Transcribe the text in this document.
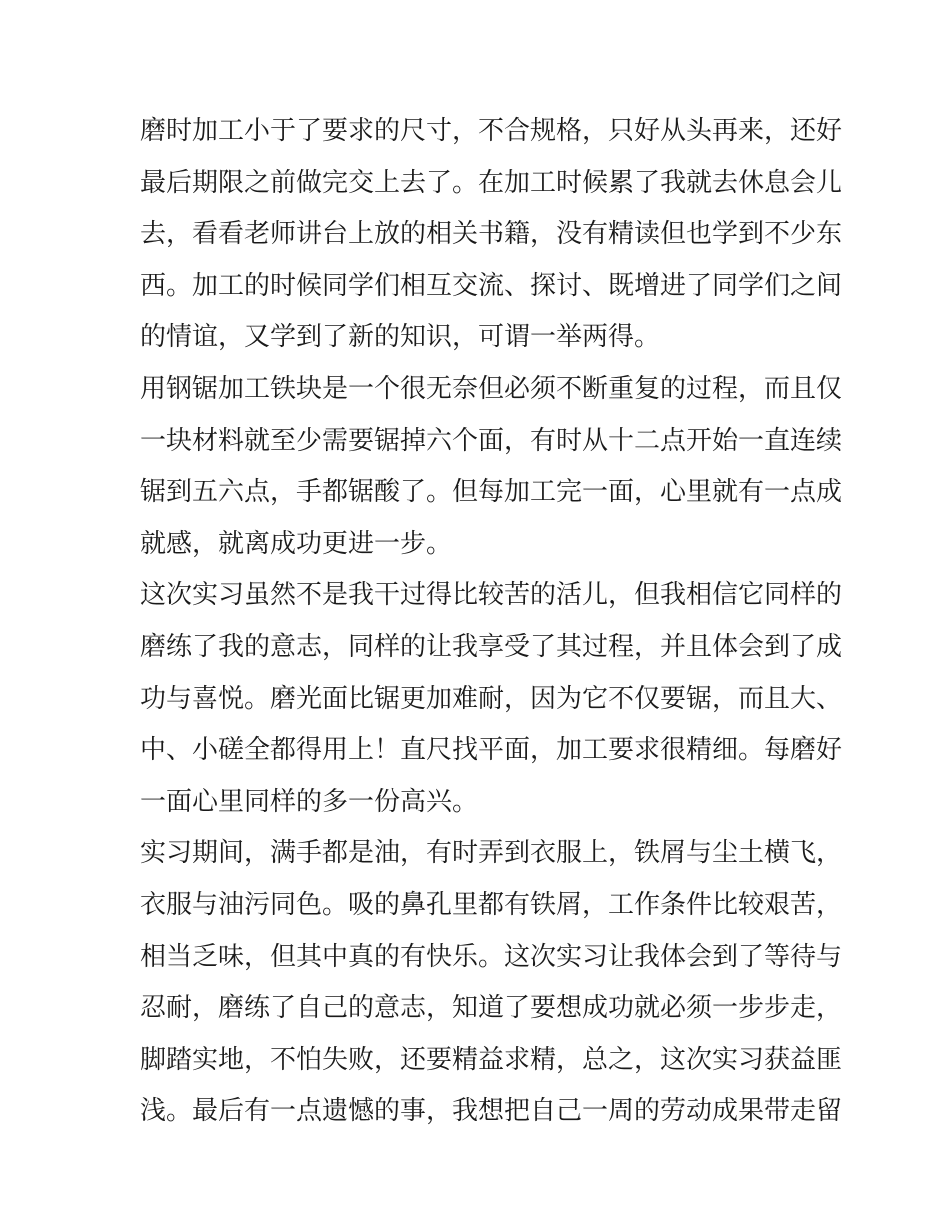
磨时加工小于了要求的尺寸，不合规格，只好从头再来，还好
最后期限之前做完交上去了。在加工时候累了我就去休息会儿
去，看看老师讲台上放的相关书籍，没有精读但也学到不少东
西。加工的时候同学们相互交流、探讨、既增进了同学们之间
的情谊，又学到了新的知识，可谓一举两得。
用钢锯加工铁块是一个很无奈但必须不断重复的过程，而且仅
一块材料就至少需要锯掉六个面，有时从十二点开始一直连续
锯到五六点，手都锯酸了。但每加工完一面，心里就有一点成
就感，就离成功更进一步。
这次实习虽然不是我干过得比较苦的活儿，但我相信它同样的
磨练了我的意志，同样的让我享受了其过程，并且体会到了成
功与喜悦。磨光面比锯更加难耐，因为它不仅要锯，而且大、
中、小磋全都得用上！直尺找平面，加工要求很精细。每磨好
一面心里同样的多一份高兴。
实习期间，满手都是油，有时弄到衣服上，铁屑与尘土横飞，
衣服与油污同色。吸的鼻孔里都有铁屑，工作条件比较艰苦，
相当乏味，但其中真的有快乐。这次实习让我体会到了等待与
忍耐，磨练了自己的意志，知道了要想成功就必须一步步走，
脚踏实地，不怕失败，还要精益求精，总之，这次实习获益匪
浅。最后有一点遗憾的事，我想把自己一周的劳动成果带走留
